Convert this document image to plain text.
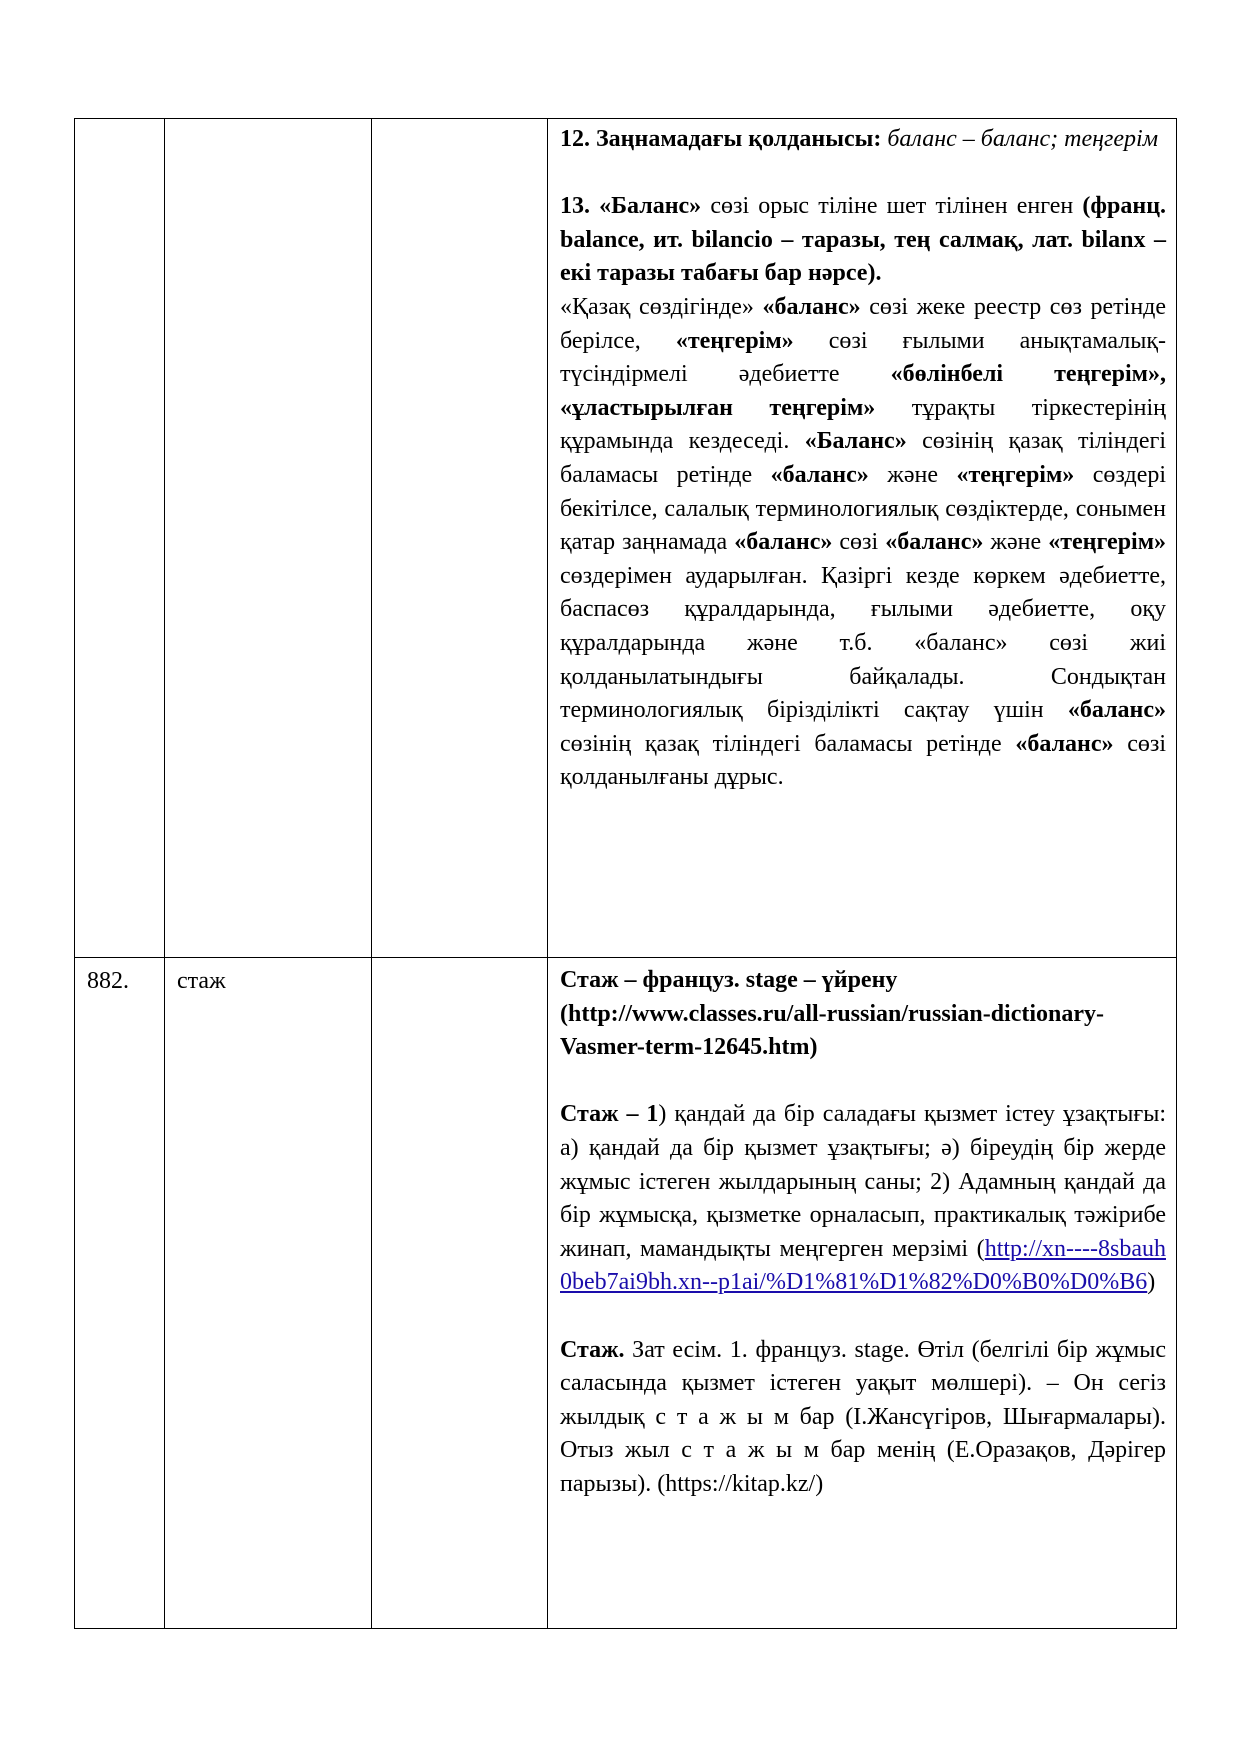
			12. Заңнамадағы қолданысы: баланс – баланс; теңгерім

13. «Баланс» сөзі орыс тіліне шет тілінен енген (франц. balance, ит. bilancio – таразы, тең салмақ, лат. bilanx – екі таразы табағы бар нәрсе).

«Қазақ сөздігінде» «баланс» сөзі жеке реестр сөз ретінде берілсе, «теңгерім» сөзі ғылыми анықтамалық-түсіндірмелі әдебиетте «бөлінбелі теңгерім», «ұластырылған теңгерім» тұрақты тіркестерінің құрамында кездеседі. «Баланс» сөзінің қазақ тіліндегі баламасы ретінде «баланс» және «теңгерім» сөздері бекітілсе, салалық терминологиялық сөздіктерде, сонымен қатар заңнамада «баланс» сөзі «баланс» және «теңгерім» сөздерімен аударылған. Қазіргі кезде көркем әдебиетте, баспасөз құралдарында, ғылыми әдебиетте, оқу құралдарында және т.б. «баланс» сөзі жиі қолданылатындығы байқалады. Сондықтан терминологиялық бірізділікті сақтау үшін «баланс» сөзінің қазақ тіліндегі баламасы ретінде «баланс» сөзі қолданылғаны дұрыс.

882.	стаж		Стаж – француз. stage – үйрену (http://www.classes.ru/all-russian/russian-dictionary-Vasmer-term-12645.htm)

Стаж – 1) қандай да бір саладағы қызмет істеу ұзақтығы: а) қандай да бір қызмет ұзақтығы; ә) біреудің бір жерде жұмыс істеген жылдарының саны; 2) Адамның қандай да бір жұмысқа, қызметке орналасып, практикалық тәжірибе жинап, мамандықты меңгерген мерзімі (http://xn----8sbauh0beb7ai9bh.xn--p1ai/%D1%81%D1%82%D0%B0%D0%B6)

Стаж. Зат есім. 1. француз. stage. Өтіл (белгілі бір жұмыс саласында қызмет істеген уақыт мөлшері). – Он сегіз жылдық с т а ж ы м бар (І.Жансүгіров, Шығармалары). Отыз жыл с т а ж ы м бар менің (Е.Оразақов, Дәрігер парызы). (https://kitap.kz/)
